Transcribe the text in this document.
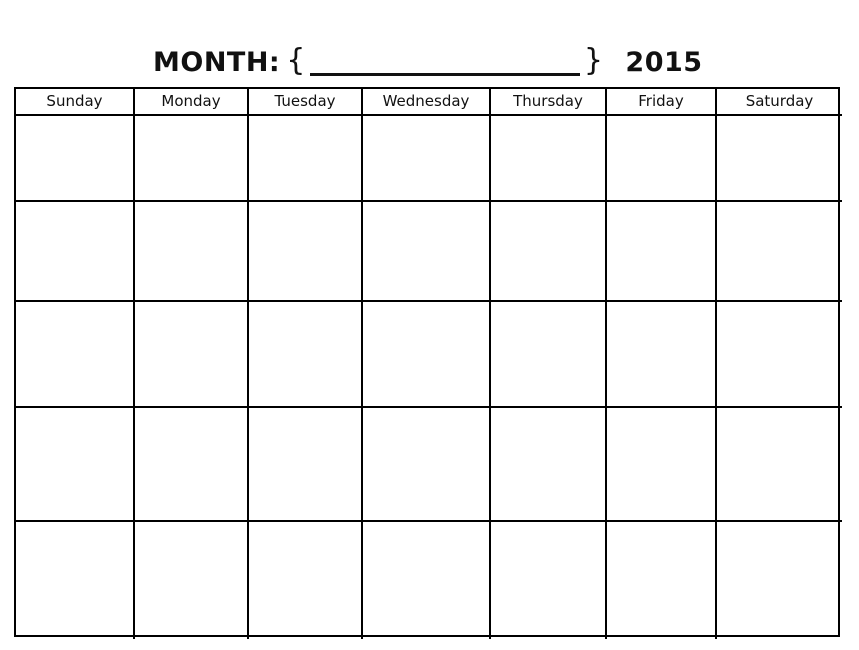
MONTH: {	} 2015
Sunday	Monday	Tuesday	Wednesday	Thursday	Friday	Saturday
